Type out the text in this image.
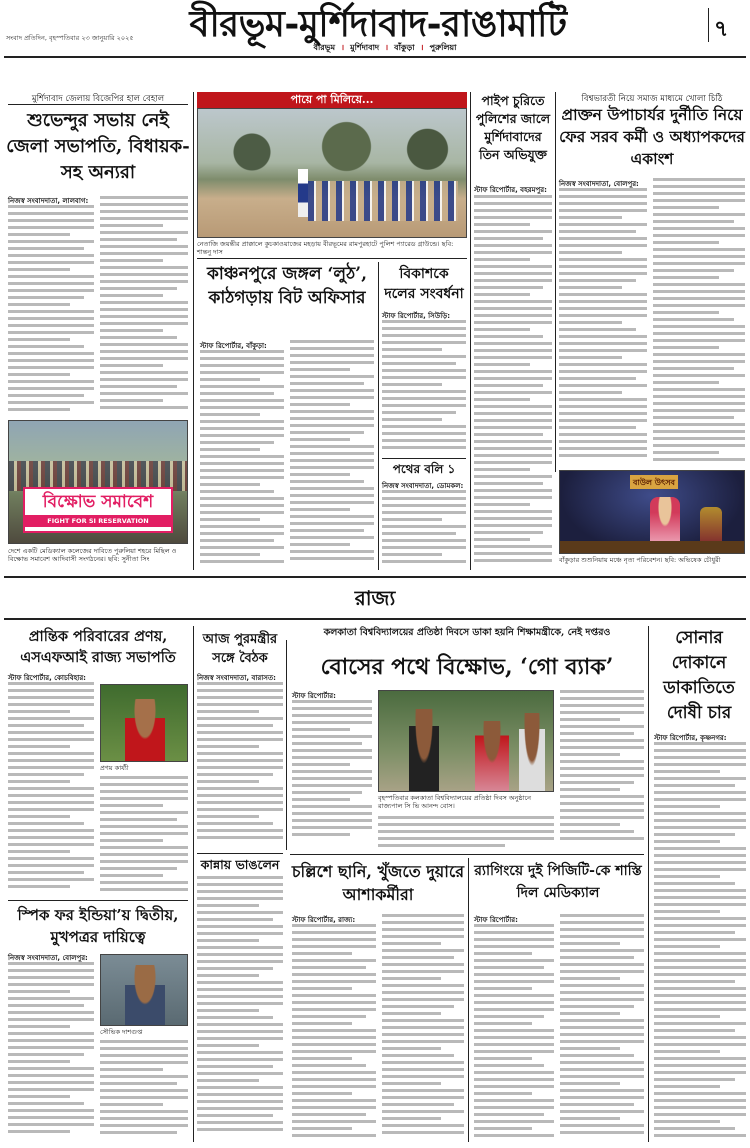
সংবাদ প্রতিদিন, বৃহস্পতিবার ২৩ জানুয়ারি ২০২৫	বীরভূম-মুর্শিদাবাদ-রাঙামাটি	৭
বীরভূম । মুর্শিদাবাদ । বাঁকুড়া । পুরুলিয়া
মুর্শিদাবাদ জেলায় বিজেপির হাল বেহাল
শুভেন্দুর সভায় নেই জেলা সভাপতি, বিধায়ক-সহ অন্যরা
নিজস্ব সংবাদদাতা, লালবাগ:
বিক্ষোভ সমাবেশ
FIGHT FOR SI RESERVATION
দেশে একটি মেডিক্যাল কলেজের দাবিতে পুরুলিয়া শহরে মিছিল ও বিক্ষোভ সমাবেশ আদিবাসী সংগঠনের। ছবি: সুনীতা সিং
পায়ে পা মিলিয়ে...
নেতাজি জয়ন্তীর প্রাক্কালে কুচকাওয়াজের মহড়ায় বীরভূমের রামপুরহাটে পুলিশ প্যারেড গ্রাউন্ডে। ছবি: শান্তনু দাস
কাঞ্চনপুরে জঙ্গল ‘লুঠ’, কাঠগড়ায় বিট অফিসার
স্টাফ রিপোর্টার, বাঁকুড়া:
বিকাশকে দলের সংবর্ধনা
স্টাফ রিপোর্টার, সিউড়ি:
পথের বলি ১
নিজস্ব সংবাদদাতা, ডোমকল:
পাইপ চুরিতে পুলিশের জালে মুর্শিদাবাদের তিন অভিযুক্ত
স্টাফ রিপোর্টার, বহরমপুর:
বিশ্বভারতী নিয়ে সমাজ মাধ্যমে খোলা চিঠি
প্রাক্তন উপাচার্যর দুর্নীতি নিয়ে ফের সরব কর্মী ও অধ্যাপকদের একাংশ
নিজস্ব সংবাদদাতা, বোলপুর:
বাউল উৎসব
বাঁকুড়ার শুশুনিয়ায় মঞ্চে নৃত্য পরিবেশন। ছবি: অভিষেক চৌধুরী
রাজ্য
প্রান্তিক পরিবারের প্রণয়, এসএফআই রাজ্য সভাপতি
স্টাফ রিপোর্টার, কোচবিহার:
প্রণয় কার্য্যী
স্পিক ফর ইন্ডিয়া’য় দ্বিতীয়, মুখপত্রর দায়িত্বে
নিজস্ব সংবাদদাতা, বোলপুর:
সৌভিক দাশগুপ্ত
কলকাতা বিশ্ববিদ্যালয়ের প্রতিষ্ঠা দিবসে ডাকা হয়নি শিক্ষামন্ত্রীকে, নেই দপ্তরও
আজ পুরমন্ত্রীর সঙ্গে বৈঠক
নিজস্ব সংবাদদাতা, বারাসত:	বোসের পথে বিক্ষোভ, ‘গো ব্যাক’
স্টাফ রিপোর্টার:
বৃহস্পতিবার কলকাতা বিশ্ববিদ্যালয়ের প্রতিষ্ঠা দিবস অনুষ্ঠানে রাজ্যপাল সি ভি আনন্দ বোস।
কান্নায় ভাঙলেন চল্লিশে ছানি, খুঁজতে দুয়ারে আশাকর্মীরা
স্টাফ রিপোর্টার, রাজ্য:
র‍্যাগিংয়ে দুই পিজিটি-কে শাস্তি দিল মেডিক্যাল
স্টাফ রিপোর্টার:
সোনার দোকানে ডাকাতিতে দোষী চার
স্টাফ রিপোর্টার, কৃষ্ণনগর:
